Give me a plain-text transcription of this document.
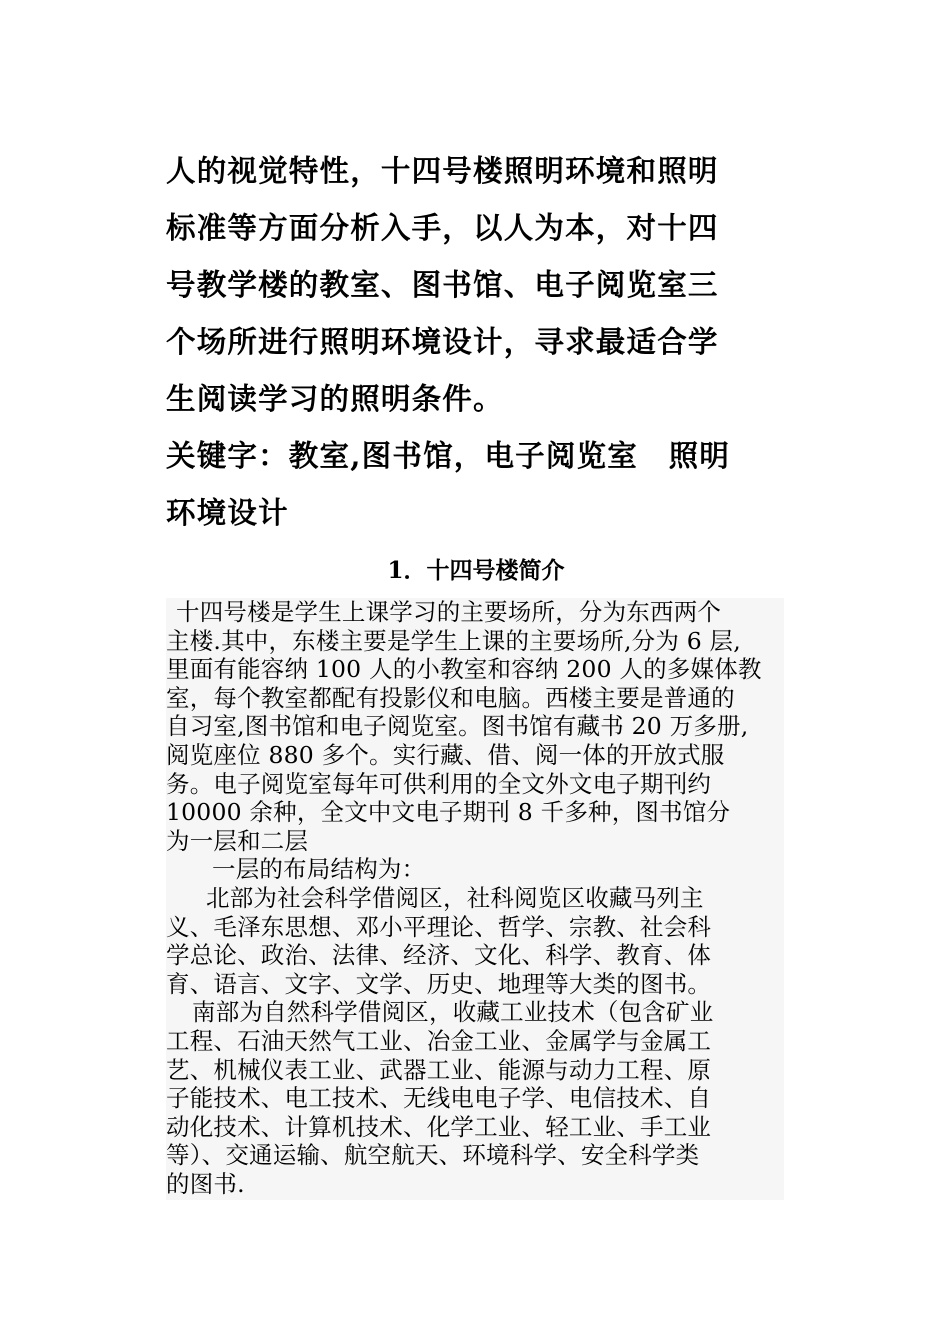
人的视觉特性，十四号楼照明环境和照明
标准等方面分析入手，以人为本，对十四
号教学楼的教室、图书馆、电子阅览室三
个场所进行照明环境设计，寻求最适合学
生阅读学习的照明条件。
关键字：教室,图书馆，电子阅览室　照明
环境设计
1．十四号楼简介
十四号楼是学生上课学习的主要场所，分为东西两个
主楼.其中，东楼主要是学生上课的主要场所,分为 6 层,
里面有能容纳 100 人的小教室和容纳 200 人的多媒体教
室，每个教室都配有投影仪和电脑。西楼主要是普通的
自习室,图书馆和电子阅览室。图书馆有藏书 20 万多册,
阅览座位 880 多个。实行藏、借、阅一体的开放式服
务。电子阅览室每年可供利用的全文外文电子期刊约
10000 余种，全文中文电子期刊 8 千多种，图书馆分
为一层和二层
一层的布局结构为：
北部为社会科学借阅区，社科阅览区收藏马列主
义、毛泽东思想、邓小平理论、哲学、宗教、社会科
学总论、政治、法律、经济、文化、科学、教育、体
育、语言、文字、文学、历史、地理等大类的图书。
南部为自然科学借阅区，收藏工业技术（包含矿业
工程、石油天然气工业、冶金工业、金属学与金属工
艺、机械仪表工业、武器工业、能源与动力工程、原
子能技术、电工技术、无线电电子学、电信技术、自
动化技术、计算机技术、化学工业、轻工业、手工业
等）、交通运输、航空航天、环境科学、安全科学类
的图书.
